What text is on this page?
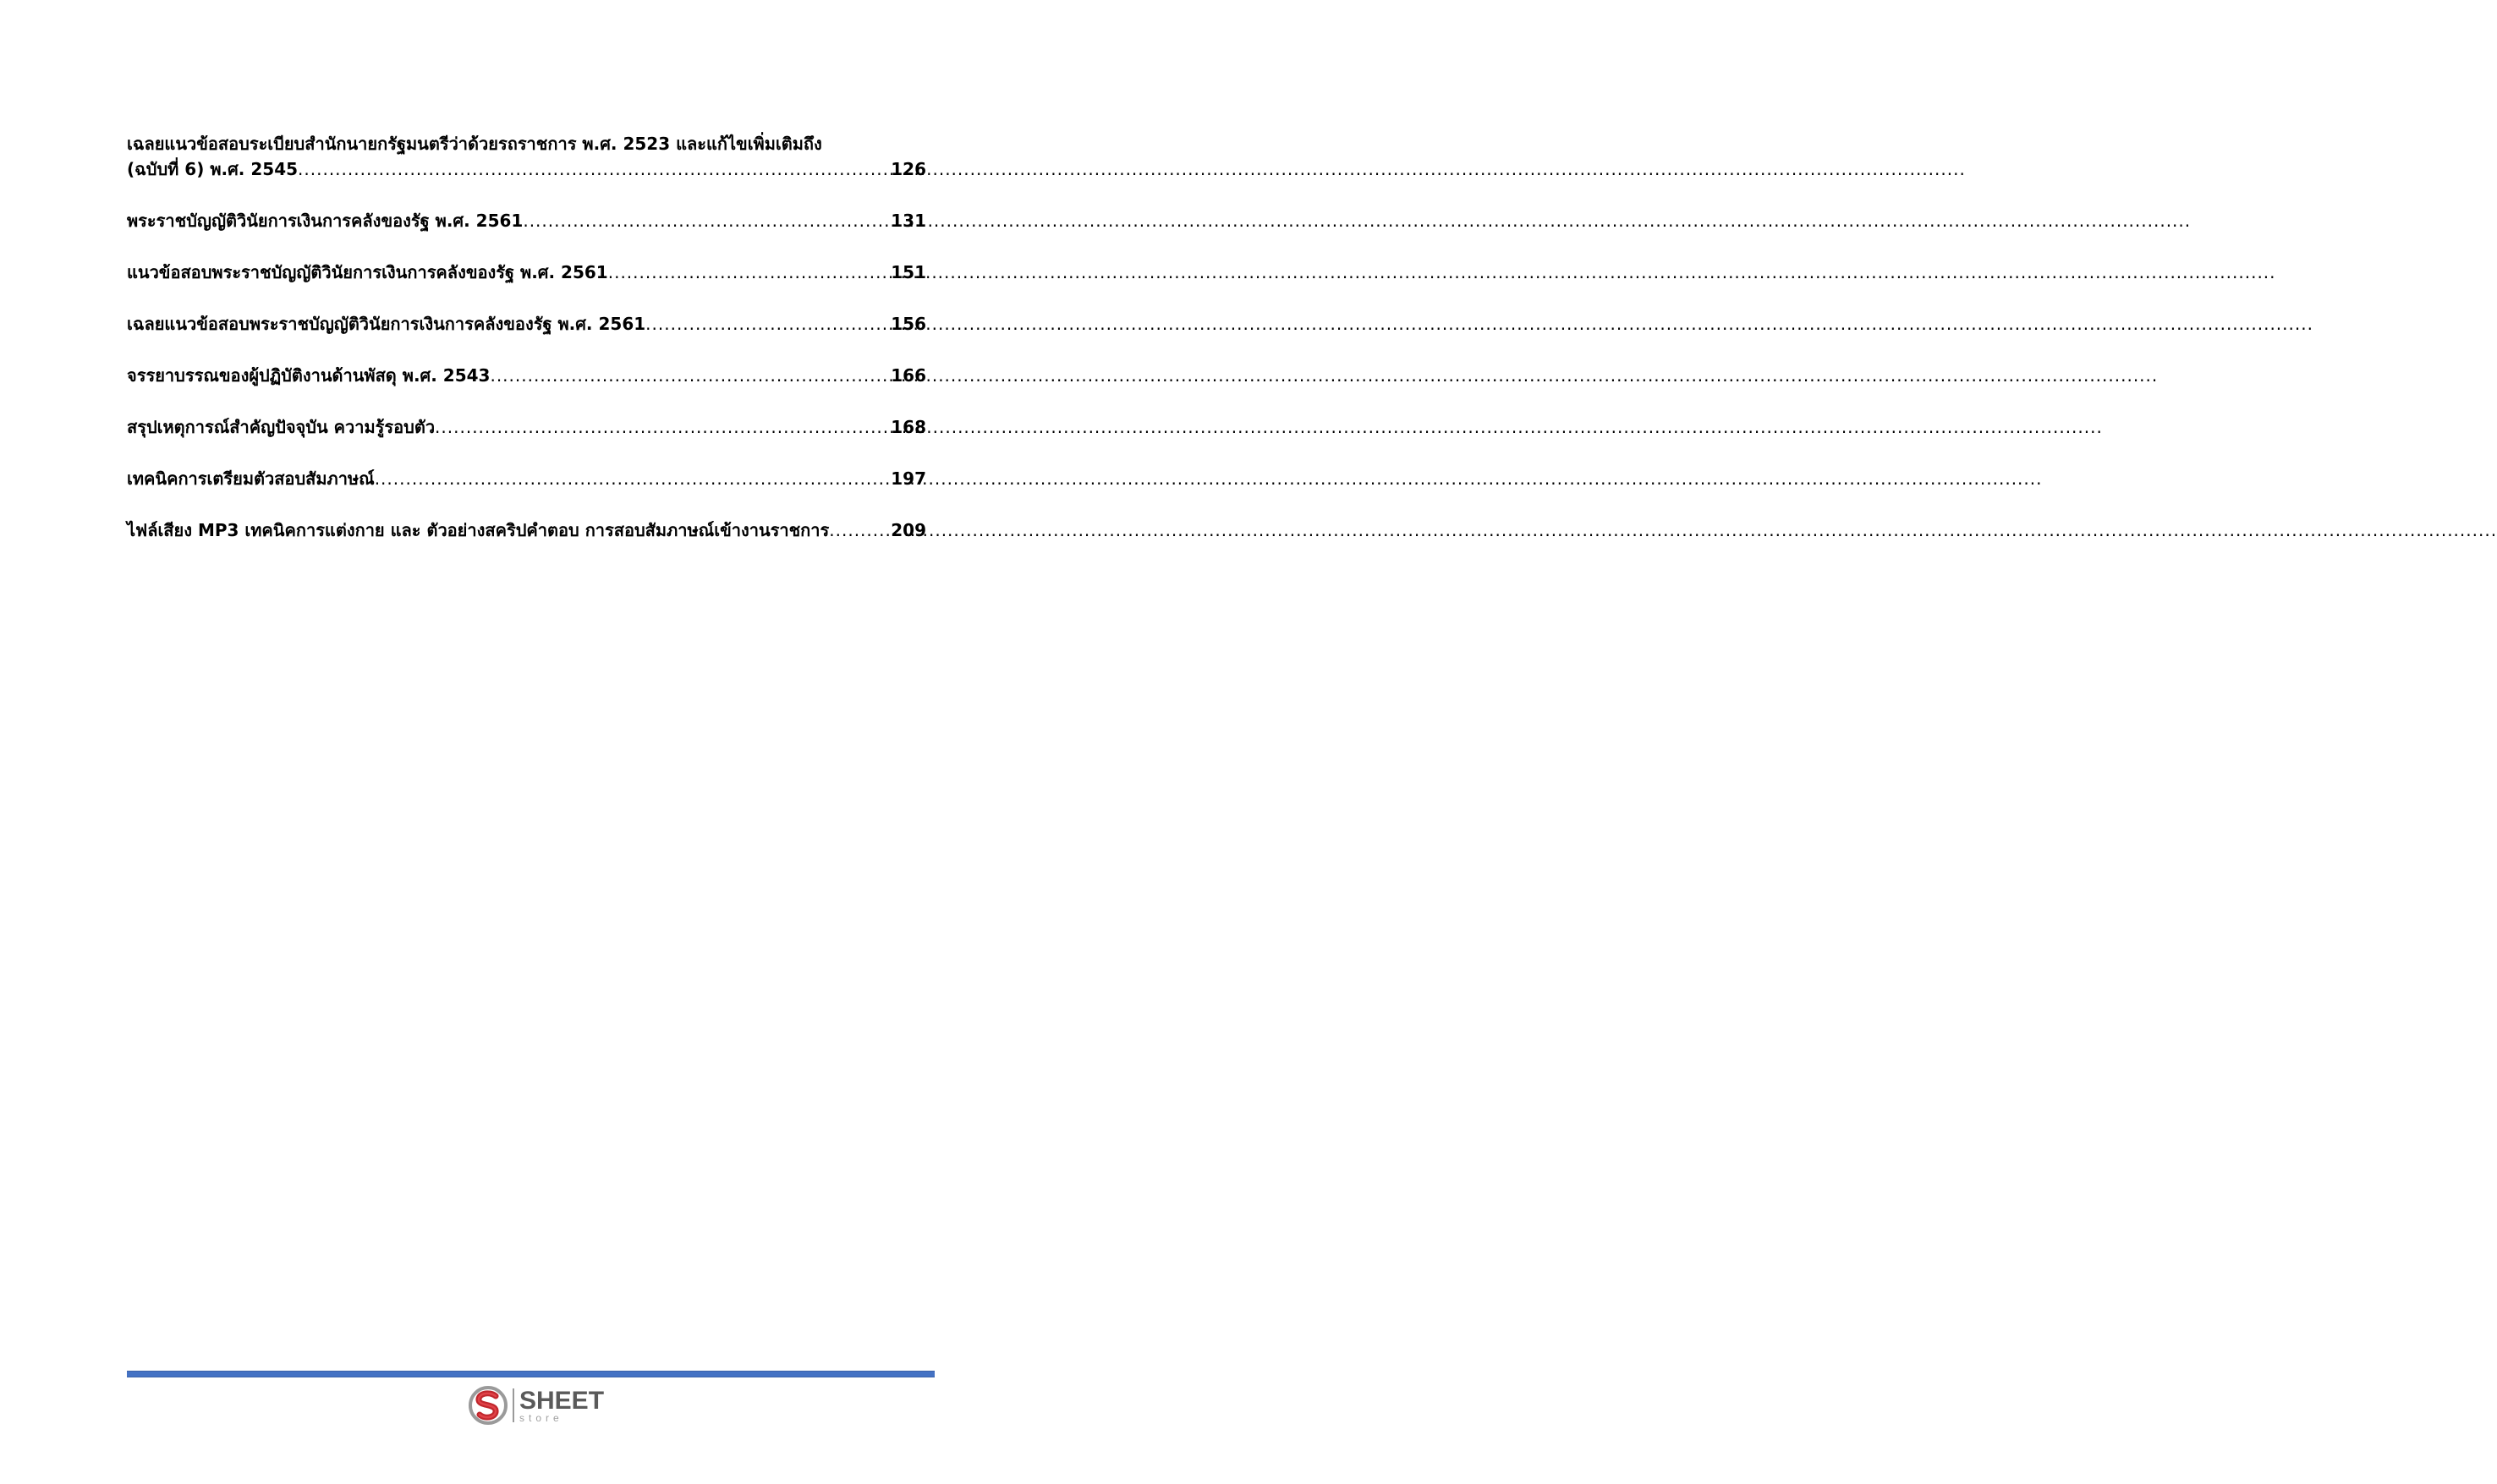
เฉลยแนวข้อสอบระเบียบสำนักนายกรัฐมนตรีว่าด้วยรถราชการ พ.ศ. 2523 และแก้ไขเพิ่มเติมถึง
(ฉบับที่ 6) พ.ศ. 2545 .....	126
พระราชบัญญัติวินัยการเงินการคลังของรัฐ พ.ศ. 2561 .....	131
แนวข้อสอบพระราชบัญญัติวินัยการเงินการคลังของรัฐ พ.ศ. 2561 .....	151
เฉลยแนวข้อสอบพระราชบัญญัติวินัยการเงินการคลังของรัฐ พ.ศ. 2561 .....	156
จรรยาบรรณของผู้ปฏิบัติงานด้านพัสดุ พ.ศ. 2543 .....	166
สรุปเหตุการณ์สำคัญปัจจุบัน ความรู้รอบตัว .....	168
เทคนิคการเตรียมตัวสอบสัมภาษณ์ .....	197
ไฟล์เสียง MP3 เทคนิคการแต่งกาย และ ตัวอย่างสคริปคำตอบ การสอบสัมภาษณ์เข้างานราชการ .....	209
SHEET
store
